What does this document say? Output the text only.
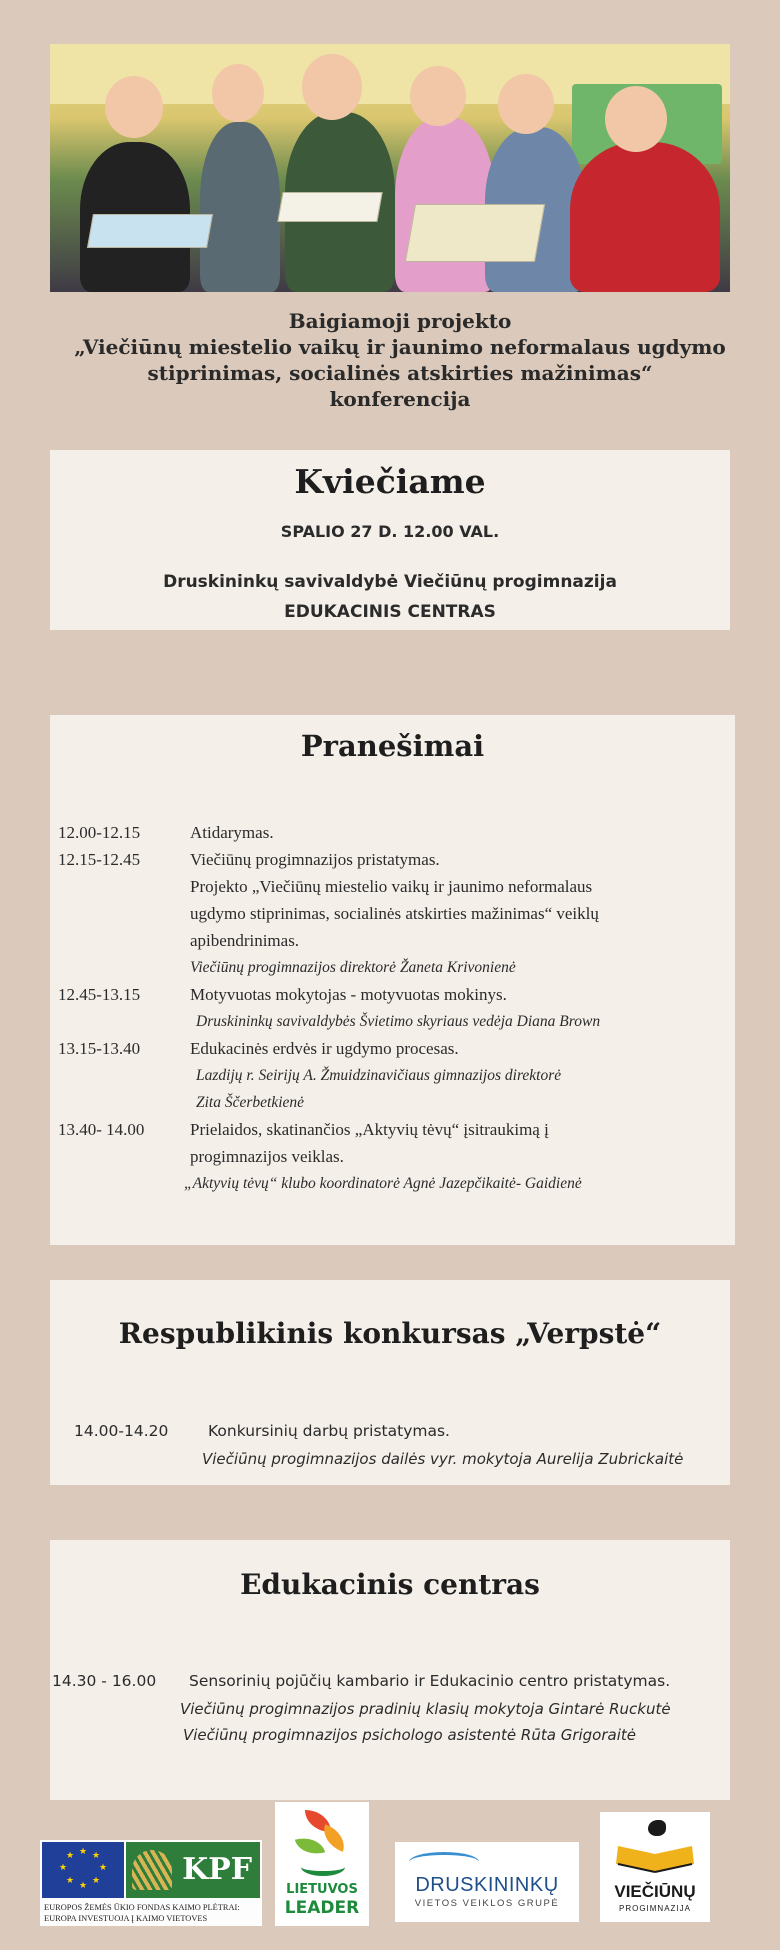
Baigiamoji projekto
„Viečiūnų miestelio vaikų ir jaunimo neformalaus ugdymo
stiprinimas, socialinės atskirties mažinimas“
konferencija
Kviečiame
SPALIO 27 D. 12.00 VAL.
Druskininkų savivaldybė Viečiūnų progimnazija
EDUKACINIS CENTRAS
Pranešimai
12.00-12.15	Atidarymas.
12.15-12.45	Viečiūnų progimnazijos pristatymas.
Projekto „Viečiūnų miestelio vaikų ir jaunimo neformalaus
ugdymo stiprinimas, socialinės atskirties mažinimas“ veiklų
apibendrinimas.
Viečiūnų progimnazijos direktorė Žaneta Krivonienė
12.45-13.15	Motyvuotas mokytojas - motyvuotas mokinys.
Druskininkų savivaldybės Švietimo skyriaus vedėja Diana Brown
13.15-13.40	Edukacinės erdvės ir ugdymo procesas.
Lazdijų r. Seirijų A. Žmuidzinavičiaus gimnazijos direktorė
Zita Ščerbetkienė
13.40- 14.00	Prielaidos, skatinančios „Aktyvių tėvų“ įsitraukimą į
progimnazijos veiklas.
„Aktyvių tėvų“ klubo koordinatorė Agnė Jazepčikaitė- Gaidienė
Respublikinis konkursas „Verpstė“
14.00-14.20	Konkursinių darbų pristatymas.
Viečiūnų progimnazijos dailės vyr. mokytoja Aurelija Zubrickaitė
Edukacinis centras
14.30 - 16.00	Sensorinių pojūčių kambario ir Edukacinio centro pristatymas.
Viečiūnų progimnazijos pradinių klasių mokytoja Gintarė Ruckutė
Viečiūnų progimnazijos psichologo asistentė Rūta Grigoraitė
★ ★
★
★
★
★
★
★	KPF
EUROPOS ŽEMĖS ŪKIO FONDAS KAIMO PLĖTRAI:
EUROPA INVESTUOJA Į KAIMO VIETOVES
LIETUVOS
LEADER
DRUSKININKŲ
VIETOS VEIKLOS GRUPĖ
VIEČIŪNŲ
PROGIMNAZIJA
